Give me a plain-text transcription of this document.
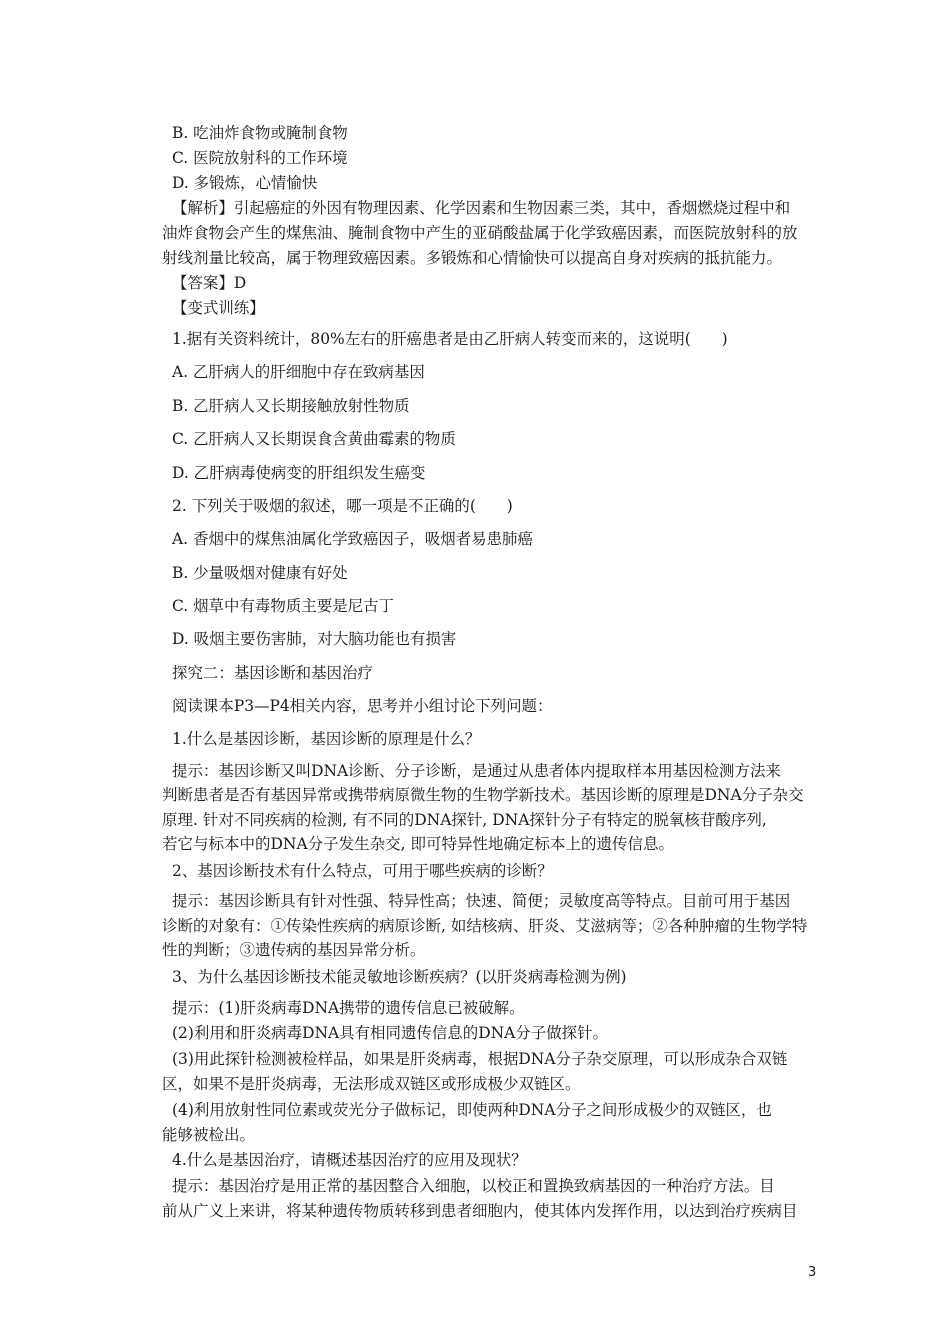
B. 吃油炸食物或腌制食物
C. 医院放射科的工作环境
D. 多锻炼，心情愉快
【解析】引起癌症的外因有物理因素、化学因素和生物因素三类，其中，香烟燃烧过程中和
油炸食物会产生的煤焦油、腌制食物中产生的亚硝酸盐属于化学致癌因素，而医院放射科的放
射线剂量比较高，属于物理致癌因素。多锻炼和心情愉快可以提高自身对疾病的抵抗能力。
【答案】D
【变式训练】
1.据有关资料统计，80%左右的肝癌患者是由乙肝病人转变而来的，这说明(　　)
A. 乙肝病人的肝细胞中存在致病基因
B. 乙肝病人又长期接触放射性物质
C. 乙肝病人又长期误食含黄曲霉素的物质
D. 乙肝病毒使病变的肝组织发生癌变
2. 下列关于吸烟的叙述，哪一项是不正确的(　　)
A. 香烟中的煤焦油属化学致癌因子，吸烟者易患肺癌
B. 少量吸烟对健康有好处
C. 烟草中有毒物质主要是尼古丁
D. 吸烟主要伤害肺，对大脑功能也有损害
探究二：基因诊断和基因治疗
阅读课本P3—P4相关内容，思考并小组讨论下列问题：
1.什么是基因诊断，基因诊断的原理是什么？
提示：基因诊断又叫DNA诊断、分子诊断，是通过从患者体内提取样本用基因检测方法来
判断患者是否有基因异常或携带病原微生物的生物学新技术。基因诊断的原理是DNA分子杂交
原理. 针对不同疾病的检测, 有不同的DNA探针, DNA探针分子有特定的脱氧核苷酸序列,
若它与标本中的DNA分子发生杂交, 即可特异性地确定标本上的遗传信息。
2、基因诊断技术有什么特点，可用于哪些疾病的诊断？
提示：基因诊断具有针对性强、特异性高；快速、简便；灵敏度高等特点。目前可用于基因
诊断的对象有：①传染性疾病的病原诊断, 如结核病、肝炎、艾滋病等；②各种肿瘤的生物学特
性的判断；③遗传病的基因异常分析。
3、为什么基因诊断技术能灵敏地诊断疾病？(以肝炎病毒检测为例)
提示：(1)肝炎病毒DNA携带的遗传信息已被破解。
(2)利用和肝炎病毒DNA具有相同遗传信息的DNA分子做探针。
(3)用此探针检测被检样品，如果是肝炎病毒，根据DNA分子杂交原理，可以形成杂合双链
区，如果不是肝炎病毒，无法形成双链区或形成极少双链区。
(4)利用放射性同位素或荧光分子做标记，即使两种DNA分子之间形成极少的双链区，也
能够被检出。
4.什么是基因治疗，请概述基因治疗的应用及现状？
提示：基因治疗是用正常的基因整合入细胞，以校正和置换致病基因的一种治疗方法。目
前从广义上来讲，将某种遗传物质转移到患者细胞内，使其体内发挥作用，以达到治疗疾病目
3
